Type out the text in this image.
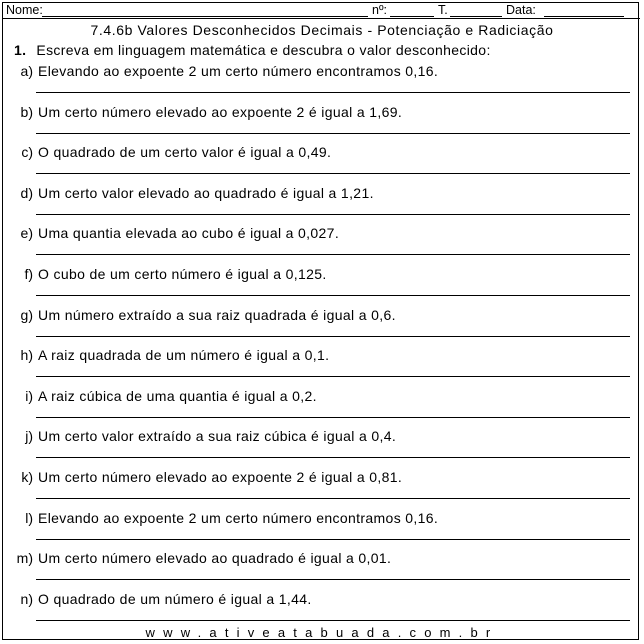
Nome:	nº:	T.	Data:
7.4.6b Valores Desconhecidos Decimais - Potenciação e Radiciação
1. Escreva em linguagem matemática e descubra o valor desconhecido:
a) Elevando ao expoente 2 um certo número encontramos 0,16.
b) Um certo número elevado ao expoente 2 é igual a 1,69.
c) O quadrado de um certo valor é igual a 0,49.
d) Um certo valor elevado ao quadrado é igual a 1,21.
e) Uma quantia elevada ao cubo é igual a 0,027.
f) O cubo de um certo número é igual a 0,125.
g) Um número extraído a sua raiz quadrada é igual a 0,6.
h) A raiz quadrada de um número é igual a 0,1.
i) A raiz cúbica de uma quantia é igual a 0,2.
j) Um certo valor extraído a sua raiz cúbica é igual a 0,4.
k) Um certo número elevado ao expoente 2 é igual a 0,81.
l) Elevando ao expoente 2 um certo número encontramos 0,16.
m) Um certo número elevado ao quadrado é igual a 0,01.
n) O quadrado de um número é igual a 1,44.
www.ativeatabuada.com.br
